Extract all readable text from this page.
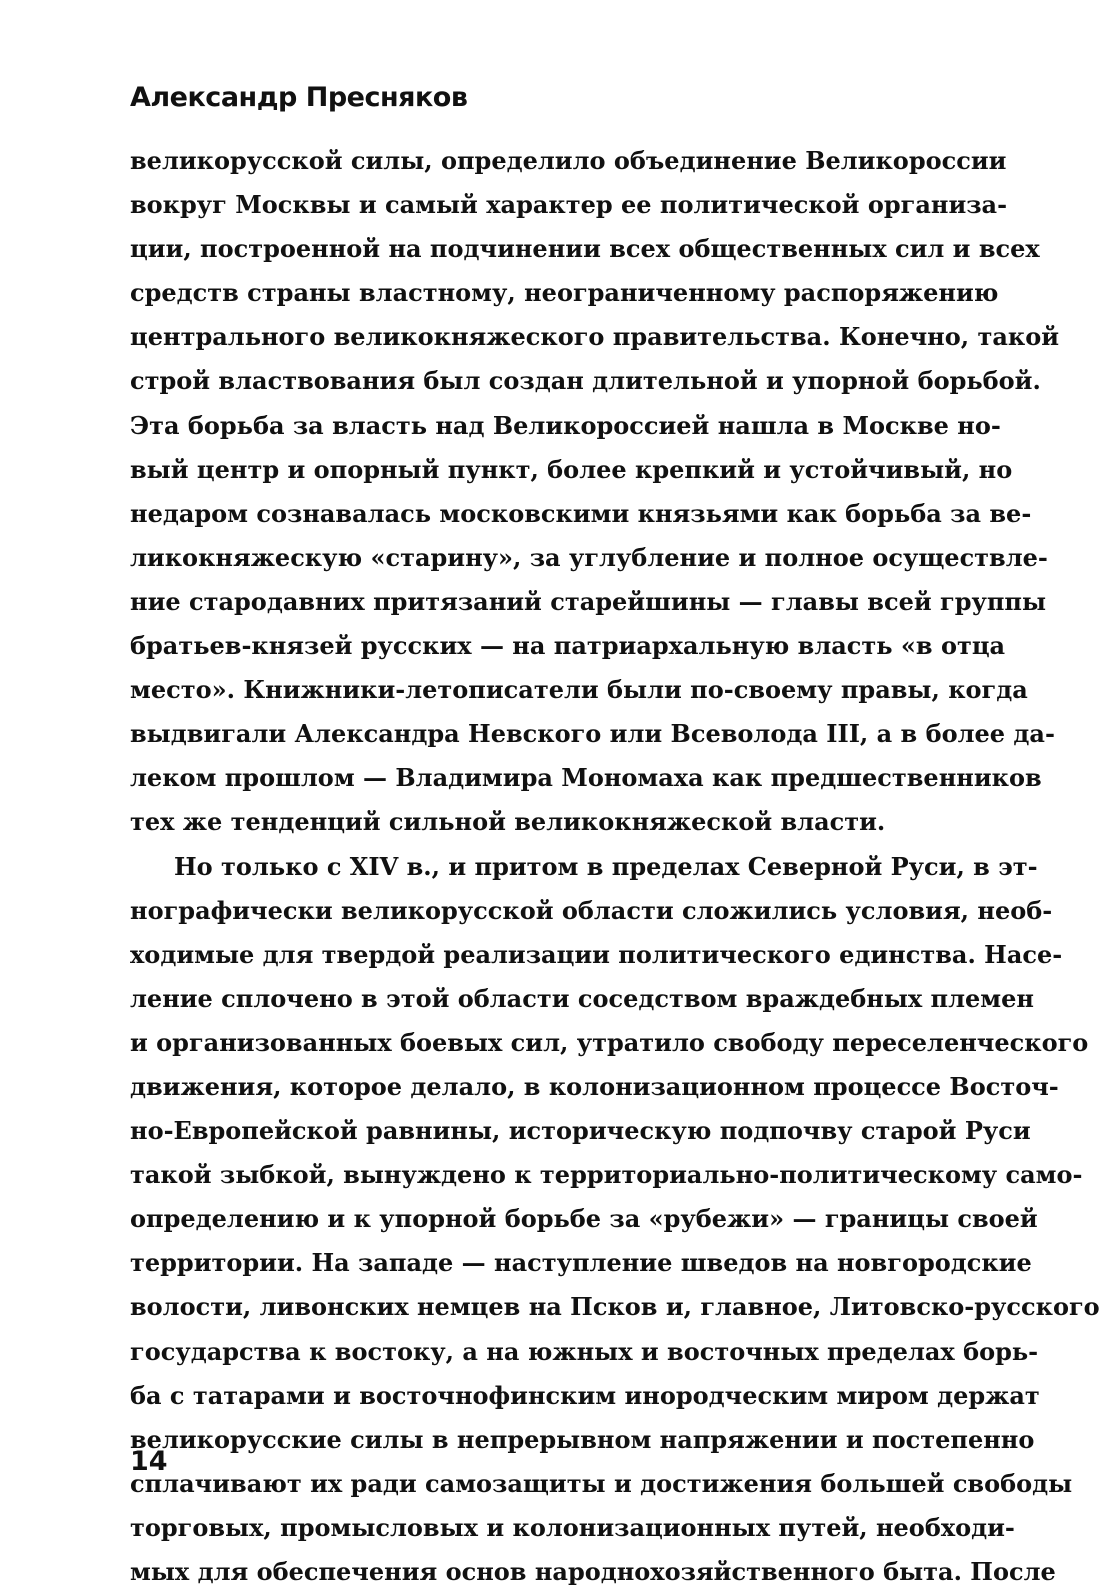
Александр Пресняков
великорусской силы, определило объединение Великороссии
вокруг Москвы и самый характер ее политической организа-
ции, построенной на подчинении всех общественных сил и всех
средств страны властному, неограниченному распоряжению
центрального великокняжеского правительства. Конечно, такой
строй властвования был создан длительной и упорной борьбой.
Эта борьба за власть над Великороссией нашла в Москве но-
вый центр и опорный пункт, более крепкий и устойчивый, но
недаром сознавалась московскими князьями как борьба за ве-
ликокняжескую «старину», за углубление и полное осуществле-
ние стародавних притязаний старейшины — главы всей группы
братьев-князей русских — на патриархальную власть «в отца
место». Книжники-летописатели были по-своему правы, когда
выдвигали Александра Невского или Всеволода III, а в более да-
леком прошлом — Владимира Мономаха как предшественников
тех же тенденций сильной великокняжеской власти.
Но только с XIV в., и притом в пределах Северной Руси, в эт-
нографически великорусской области сложились условия, необ-
ходимые для твердой реализации политического единства. Насе-
ление сплочено в этой области соседством враждебных племен
и организованных боевых сил, утратило свободу переселенческого
движения, которое делало, в колонизационном процессе Восточ-
но-Европейской равнины, историческую подпочву старой Руси
такой зыбкой, вынуждено к территориально-политическому само-
определению и к упорной борьбе за «рубежи» — границы своей
территории. На западе — наступление шведов на новгородские
волости, ливонских немцев на Псков и, главное, Литовско-русского
государства к востоку, а на южных и восточных пределах борь-
ба с татарами и восточнофинским инородческим миром держат
великорусские силы в непрерывном напряжении и постепенно
сплачивают их ради самозащиты и достижения большей свободы
торговых, промысловых и колонизационных путей, необходи-
мых для обеспечения основ народнохозяйственного быта. После
14
